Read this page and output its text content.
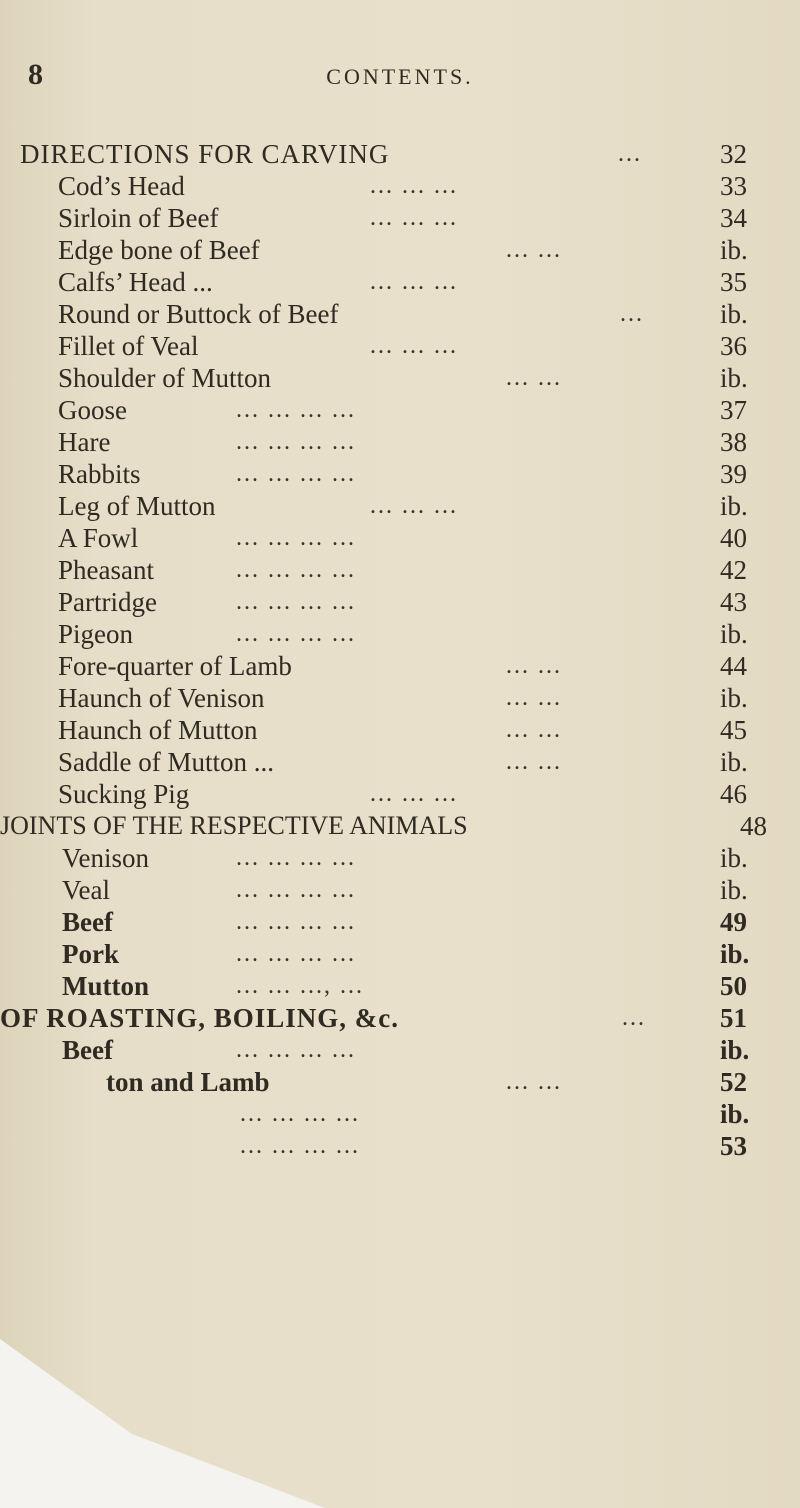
8	CONTENTS.
DIRECTIONS FOR CARVING	...	32
Cod’s Head	... ... ...	33
Sirloin of Beef	... ... ...	34
Edge bone of Beef	... ...	ib.
Calfs’ Head ...	... ... ...	35
Round or Buttock of Beef	...	ib.
Fillet of Veal	... ... ...	36
Shoulder of Mutton	... ...	ib.
Goose	... ... ... ...	37
Hare	... ... ... ...	38
Rabbits	... ... ... ...	39
Leg of Mutton	... ... ...	ib.
A Fowl	... ... ... ...	40
Pheasant	... ... ... ...	42
Partridge	... ... ... ...	43
Pigeon	... ... ... ...	ib.
Fore-quarter of Lamb	... ...	44
Haunch of Venison	... ...	ib.
Haunch of Mutton	... ...	45
Saddle of Mutton ...	... ...	ib.
Sucking Pig	... ... ...	46
JOINTS OF THE RESPECTIVE ANIMALS	48
Venison	... ... ... ...	ib.
Veal	... ... ... ...	ib.
Beef	... ... ... ...	49
Pork	... ... ... ...	ib.
Mutton	... ... ..., ...	50
OF ROASTING, BOILING, &c.	...	51
Beef	... ... ... ...	ib.
ton and Lamb	... ...	52
... ... ... ...	ib.
... ... ... ...	53
